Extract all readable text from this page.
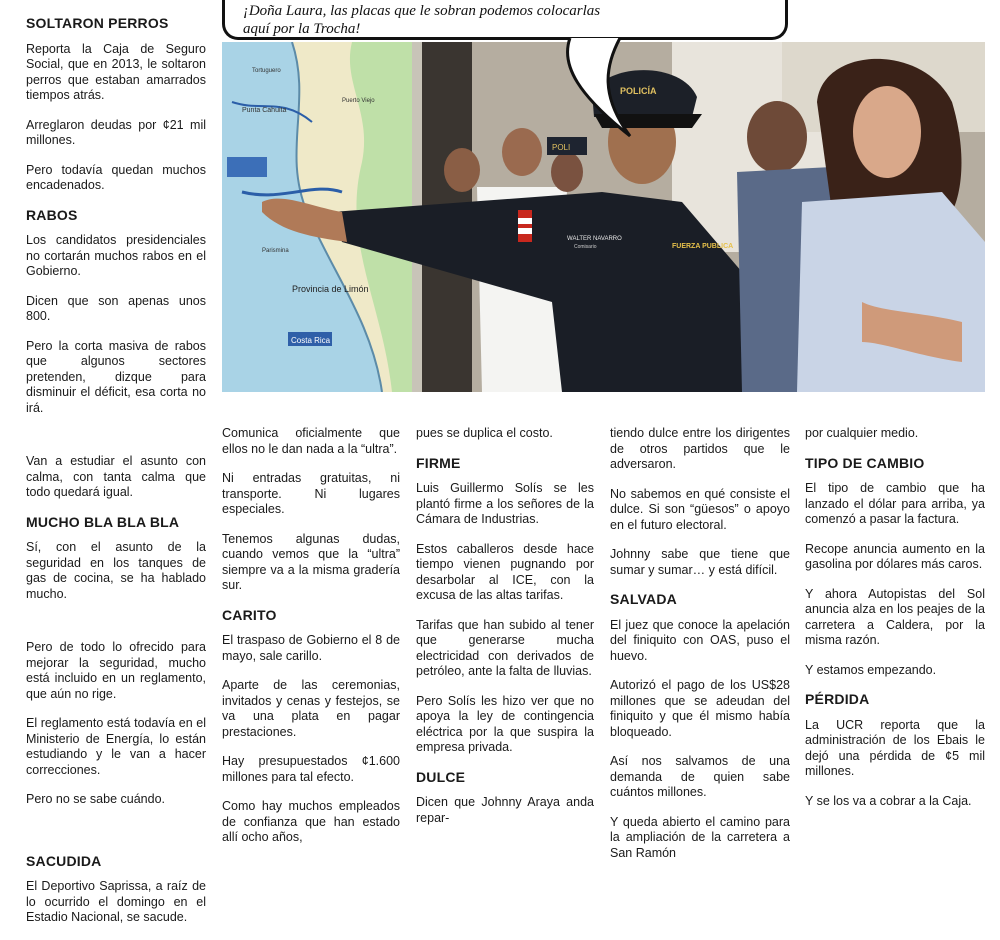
Punta Cahuita
Provincia de Limón
Costa Rica
Puerto Viejo
Parismina
Tortuguero
POLI
WALTER NAVARRO
Comisario	FUERZA PUBLICA
POLICÍA
¡Doña Laura, las placas que le sobran podemos colocarlas
aquí por la Trocha!
SOLTARON PERROS

Reporta la Caja de Seguro Social, que en 2013, le soltaron perros que estaban amarrados tiempos atrás.

Arreglaron deudas por ¢21 mil millones.

Pero todavía quedan muchos encadenados.

RABOS

Los candidatos presidenciales no cortarán muchos rabos en el Gobierno.

Dicen que son apenas unos 800.

Pero la corta masiva de rabos que algunos sectores pretenden, dizque para disminuir el déficit, esa corta no irá.

Van a estudiar el asunto con calma, con tanta calma que todo quedará igual.

MUCHO BLA BLA BLA

Sí, con el asunto de la seguridad en los tanques de gas de cocina, se ha hablado mucho.

Pero de todo lo ofrecido para mejorar la seguridad, mucho está incluido en un reglamento, que aún no rige.

El reglamento está todavía en el Ministerio de Energía, lo están estudiando y le van a hacer correcciones.

Pero no se sabe cuándo.

SACUDIDA

El Deportivo Saprissa, a raíz de lo ocurrido el domingo en el Estadio Nacional, se sacude.

Comunica oficialmente que ellos no le dan nada a la “ultra”.

Ni entradas gratuitas, ni transporte. Ni lugares especiales.

Tenemos algunas dudas, cuando vemos que la “ultra” siempre va a la misma gradería sur.

CARITO

El traspaso de Gobierno el 8 de mayo, sale carillo.

Aparte de las ceremonias, invitados y cenas y festejos, se va una plata en pagar prestaciones.

Hay presupuestados ¢1.600 millones para tal efecto.

Como hay muchos empleados de confianza que han estado allí ocho años,

pues se duplica el costo.

FIRME

Luis Guillermo Solís se les plantó firme a los señores de la Cámara de Industrias.

Estos caballeros desde hace tiempo vienen pugnando por desarbolar al ICE, con la excusa de las altas tarifas.

Tarifas que han subido al tener que generarse mucha electricidad con derivados de petróleo, ante la falta de lluvias.

Pero Solís les hizo ver que no apoya la ley de contingencia eléctrica por la que suspira la empresa privada.

DULCE

Dicen que Johnny Araya anda repar-

tiendo dulce entre los dirigentes de otros partidos que le adversaron.

No sabemos en qué consiste el dulce. Si son “güesos” o apoyo en el futuro electoral.

Johnny sabe que tiene que sumar y sumar… y está difícil.

SALVADA

El juez que conoce la apelación del finiquito con OAS, puso el huevo.

Autorizó el pago de los US$28 millones que se adeudan del finiquito y que él mismo había bloqueado.

Así nos salvamos de una demanda de quien sabe cuántos millones.

Y queda abierto el camino para la ampliación de la carretera a San Ramón

por cualquier medio.

TIPO DE CAMBIO

El tipo de cambio que ha lanzado el dólar para arriba, ya comenzó a pasar la factura.

Recope anuncia aumento en la gasolina por dólares más caros.

Y ahora Autopistas del Sol anuncia alza en los peajes de la carretera a Caldera, por la misma razón.

Y estamos empezando.

PÉRDIDA

La UCR reporta que la administración de los Ebais le dejó una pérdida de ¢5 mil millones.

Y se los va a cobrar a la Caja.
